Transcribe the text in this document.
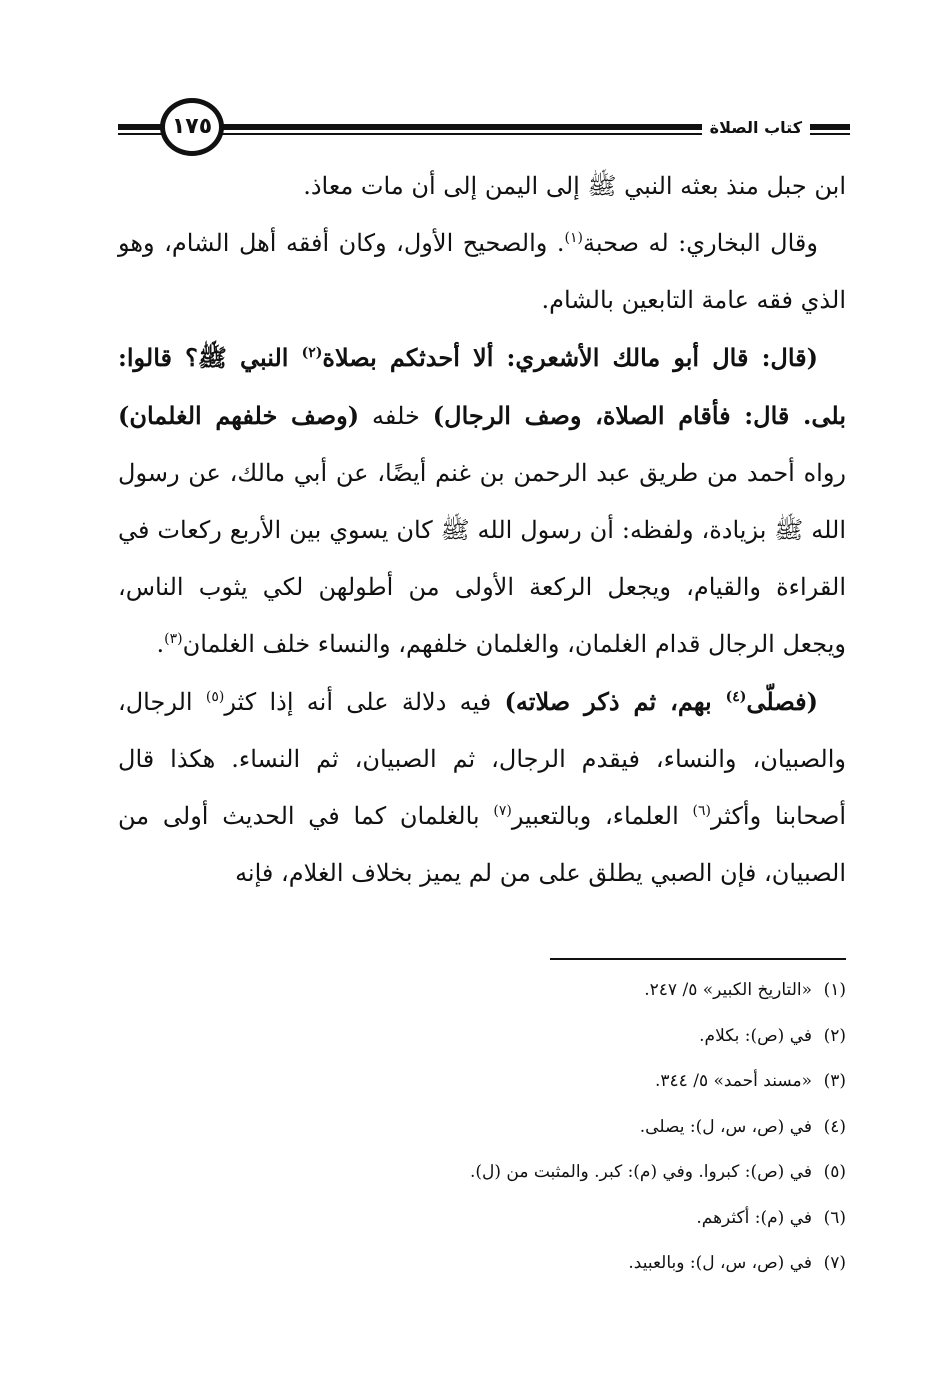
١٧٥	كتاب الصلاة

ابن جبل منذ بعثه النبي ﷺ إلى اليمن إلى أن مات معاذ.

وقال البخاري: له صحبة$^{(١)}$. والصحيح الأول، وكان أفقه أهل الشام، وهو الذي فقه عامة التابعين بالشام.

(قال: قال أبو مالك الأشعري: ألا أحدثكم بصلاة$^{(٢)}$ النبي ﷺ؟ قالوا: بلى. قال: فأقام الصلاة، وصف الرجال) خلفه (وصف خلفهم الغلمان) رواه أحمد من طريق عبد الرحمن بن غنم أيضًا، عن أبي مالك، عن رسول الله ﷺ بزيادة، ولفظه: أن رسول الله ﷺ كان يسوي بين الأربع ركعات في القراءة والقيام، ويجعل الركعة الأولى من أطولهن لكي يثوب الناس، ويجعل الرجال قدام الغلمان، والغلمان خلفهم، والنساء خلف الغلمان$^{(٣)}$.

(فصلّى$^{(٤)}$ بهم، ثم ذكر صلاته) فيه دلالة على أنه إذا كثر$^{(٥)}$ الرجال، والصبيان، والنساء، فيقدم الرجال، ثم الصبيان، ثم النساء. هكذا قال أصحابنا وأكثر$^{(٦)}$ العلماء، وبالتعبير$^{(٧)}$ بالغلمان كما في الحديث أولى من الصبيان، فإن الصبي يطلق على من لم يميز بخلاف الغلام، فإنه

(١)«التاريخ الكبير» ٥/ ٢٤٧.

(٢)في (ص): بكلام.

(٣)«مسند أحمد» ٥/ ٣٤٤.

(٤)في (ص، س، ل): يصلى.

(٥)في (ص): كبروا. وفي (م): كبر. والمثبت من (ل).

(٦)في (م): أكثرهم.

(٧)في (ص، س، ل): وبالعبيد.
